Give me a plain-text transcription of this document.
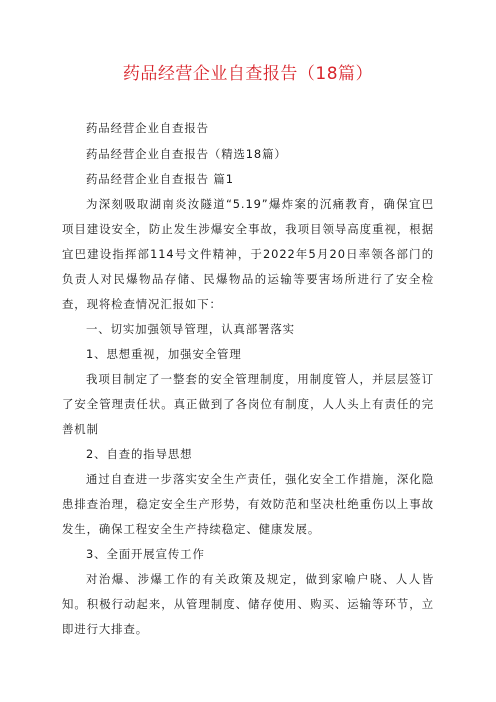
药品经营企业自查报告（18篇）

药品经营企业自查报告

药品经营企业自查报告（精选18篇）

药品经营企业自查报告 篇1

为深刻吸取湖南炎汝隧道“5.19”爆炸案的沉痛教育，确保宜巴项目建设安全，防止发生涉爆安全事故，我项目领导高度重视，根据宜巴建设指挥部114号文件精神，于2022年5月20日率领各部门的负责人对民爆物品存储、民爆物品的运输等要害场所进行了安全检查，现将检查情况汇报如下：

一、切实加强领导管理，认真部署落实

1、思想重视，加强安全管理

我项目制定了一整套的安全管理制度，用制度管人，并层层签订了安全管理责任状。真正做到了各岗位有制度，人人头上有责任的完善机制

2、自查的指导思想

通过自查进一步落实安全生产责任，强化安全工作措施，深化隐患排查治理，稳定安全生产形势，有效防范和坚决杜绝重伤以上事故发生，确保工程安全生产持续稳定、健康发展。

3、全面开展宣传工作

对治爆、涉爆工作的有关政策及规定，做到家喻户晓、人人皆知。积极行动起来，从管理制度、储存使用、购买、运输等环节，立即进行大排查。
